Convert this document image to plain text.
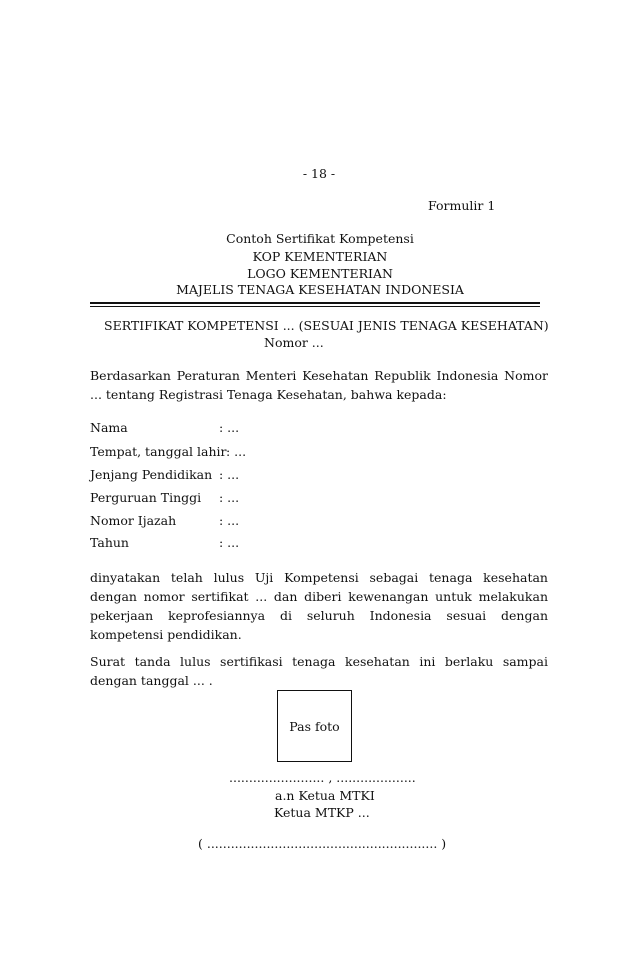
- 18 -
Formulir 1
Contoh Sertifikat Kompetensi
KOP KEMENTERIAN
LOGO KEMENTERIAN
MAJELIS TENAGA KESEHATAN INDONESIA
SERTIFIKAT KOMPETENSI ... (SESUAI JENIS TENAGA KESEHATAN)
Nomor ...
Berdasarkan Peraturan Menteri Kesehatan Republik Indonesia Nomor ... tentang Registrasi Tenaga Kesehatan, bahwa kepada:
Nama	: ...
Tempat, tanggal lahir : ...
Jenjang Pendidikan : ...
Perguruan Tinggi : ...
Nomor Ijazah	: ...
Tahun	: ...
dinyatakan telah lulus Uji Kompetensi sebagai tenaga kesehatan dengan nomor sertifikat ... dan diberi kewenangan untuk melakukan pekerjaan keprofesiannya di seluruh Indonesia sesuai dengan kompetensi pendidikan.
Surat tanda lulus sertifikasi tenaga kesehatan ini berlaku sampai dengan tanggal ... .
Pas foto
........................ , ....................
a.n Ketua MTKI
Ketua MTKP ...
( .......................................................... )
